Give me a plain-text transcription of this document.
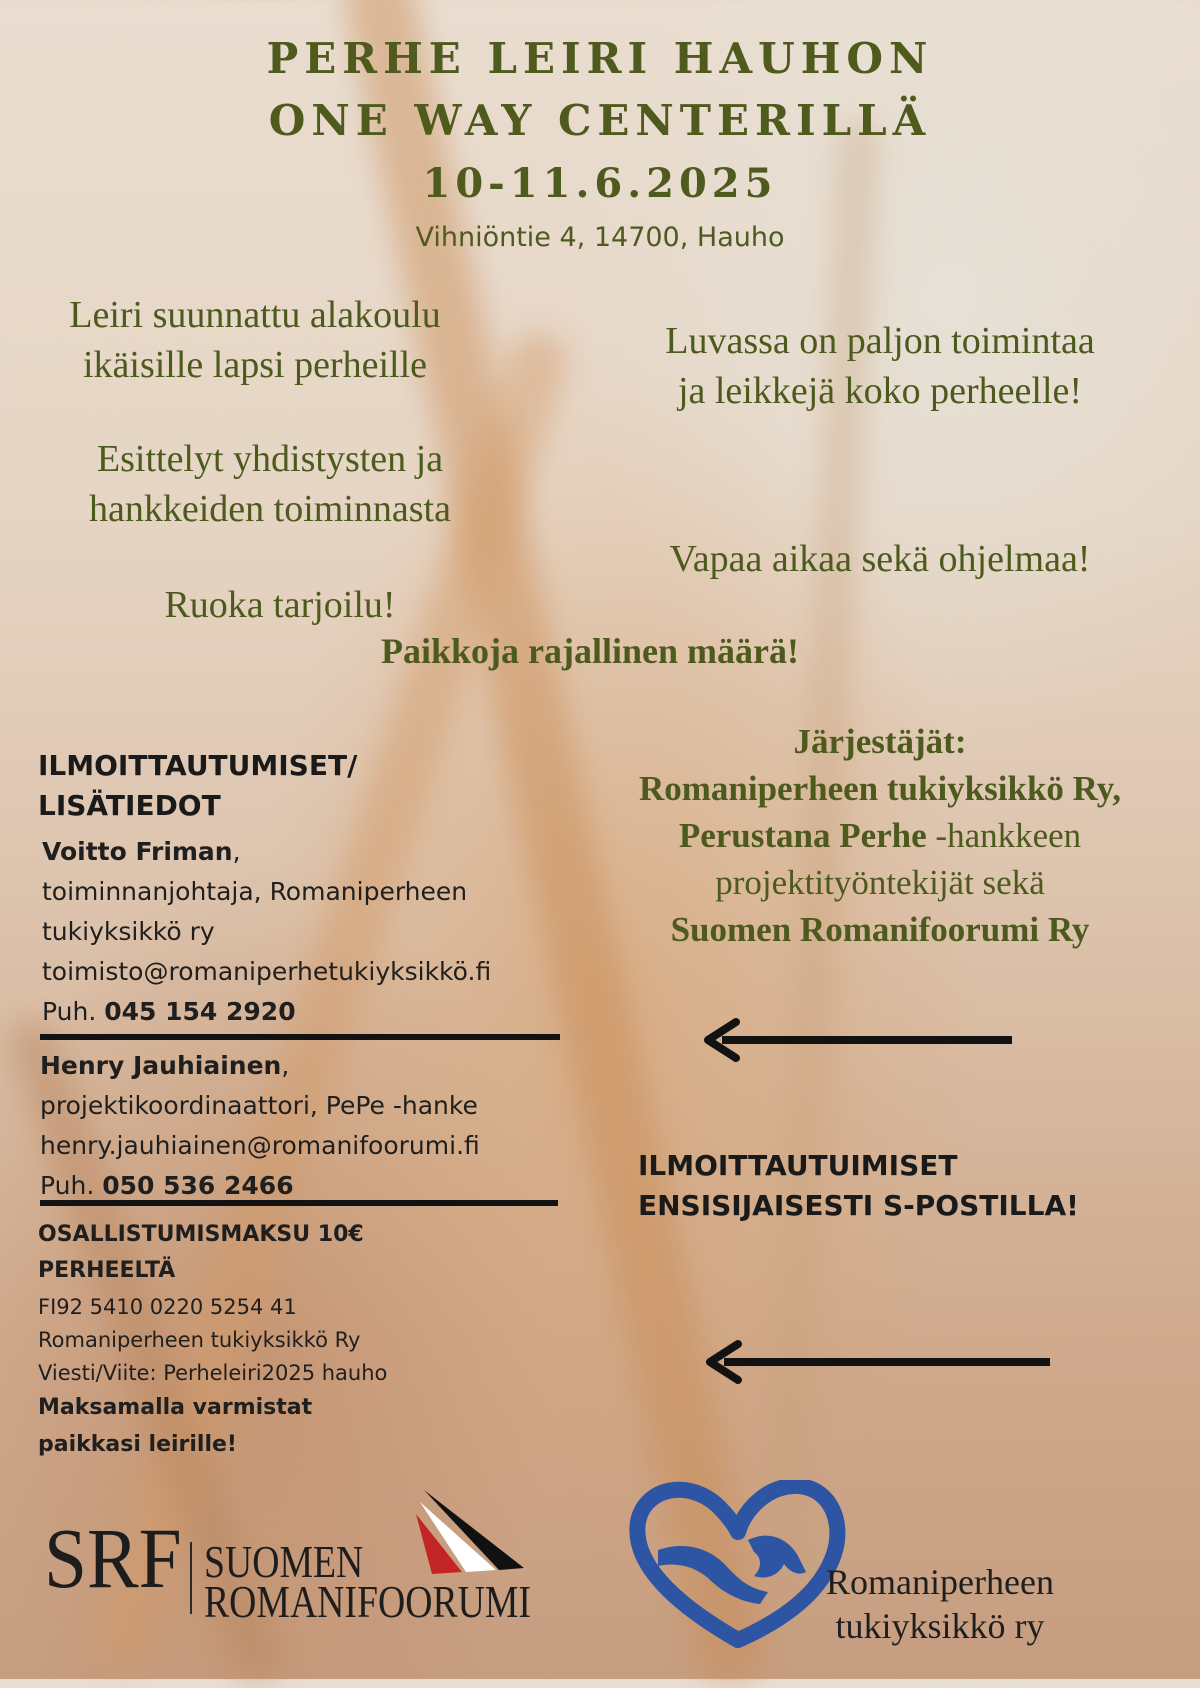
PERHE LEIRI HAUHON
ONE WAY CENTERILLÄ
10-11.6.2025
Vihniöntie 4, 14700, Hauho
Leiri suunnattu alakoulu
ikäisille lapsi perheille
Luvassa on paljon toimintaa
ja leikkejä koko perheelle!
Esittelyt yhdistysten ja
hankkeiden toiminnasta
Vapaa aikaa sekä ohjelmaa!
Ruoka tarjoilu!
Paikkoja rajallinen määrä!
ILMOITTAUTUMISET/
LISÄTIEDOT
Voitto Friman,
toiminnanjohtaja, Romaniperheen
tukiyksikkö ry
toimisto@romaniperhetukiyksikkö.fi
Puh. 045 154 2920
Henry Jauhiainen,
projektikoordinaattori, PePe -hanke
henry.jauhiainen@romanifoorumi.fi
Puh. 050 536 2466
OSALLISTUMISMAKSU 10€
PERHEELTÄ
FI92 5410 0220 5254 41
Romaniperheen tukiyksikkö Ry
Viesti/Viite: Perheleiri2025 hauho
Maksamalla varmistat
paikkasi leirille!
Järjestäjät:
Romaniperheen tukiyksikkö Ry,
Perustana Perhe -hankkeen
projektityöntekijät sekä
Suomen Romanifoorumi Ry
ILMOITTAUTUIMISET
ENSISIJAISESTI S-POSTILLA!
SRF SUOMEN
ROMANIFOORUMI	Romaniperheen
tukiyksikkö ry
